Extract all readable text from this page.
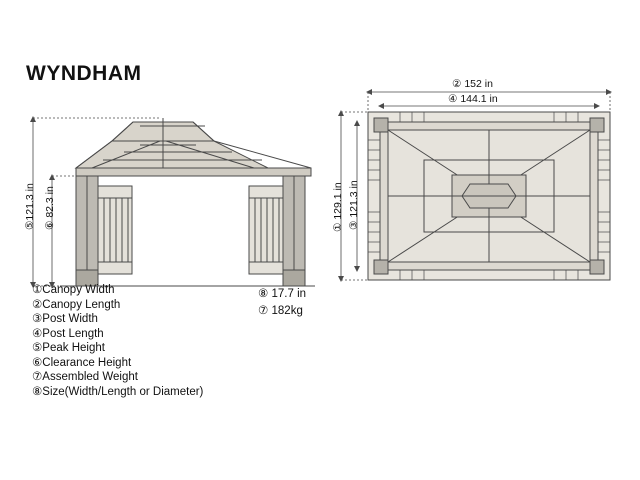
WYNDHAM
⑤121.3 in ⑥ 82.3 in
② 152 in
④ 144.1 in
① 129.1 in ③ 121.3 in
①Canopy Width
②Canopy Length
③Post Width
④Post Length
⑤Peak Height
⑥Clearance Height
⑦Assembled Weight
⑧Size(Width/Length or Diameter)
⑧ 17.7 in
⑦ 182kg
